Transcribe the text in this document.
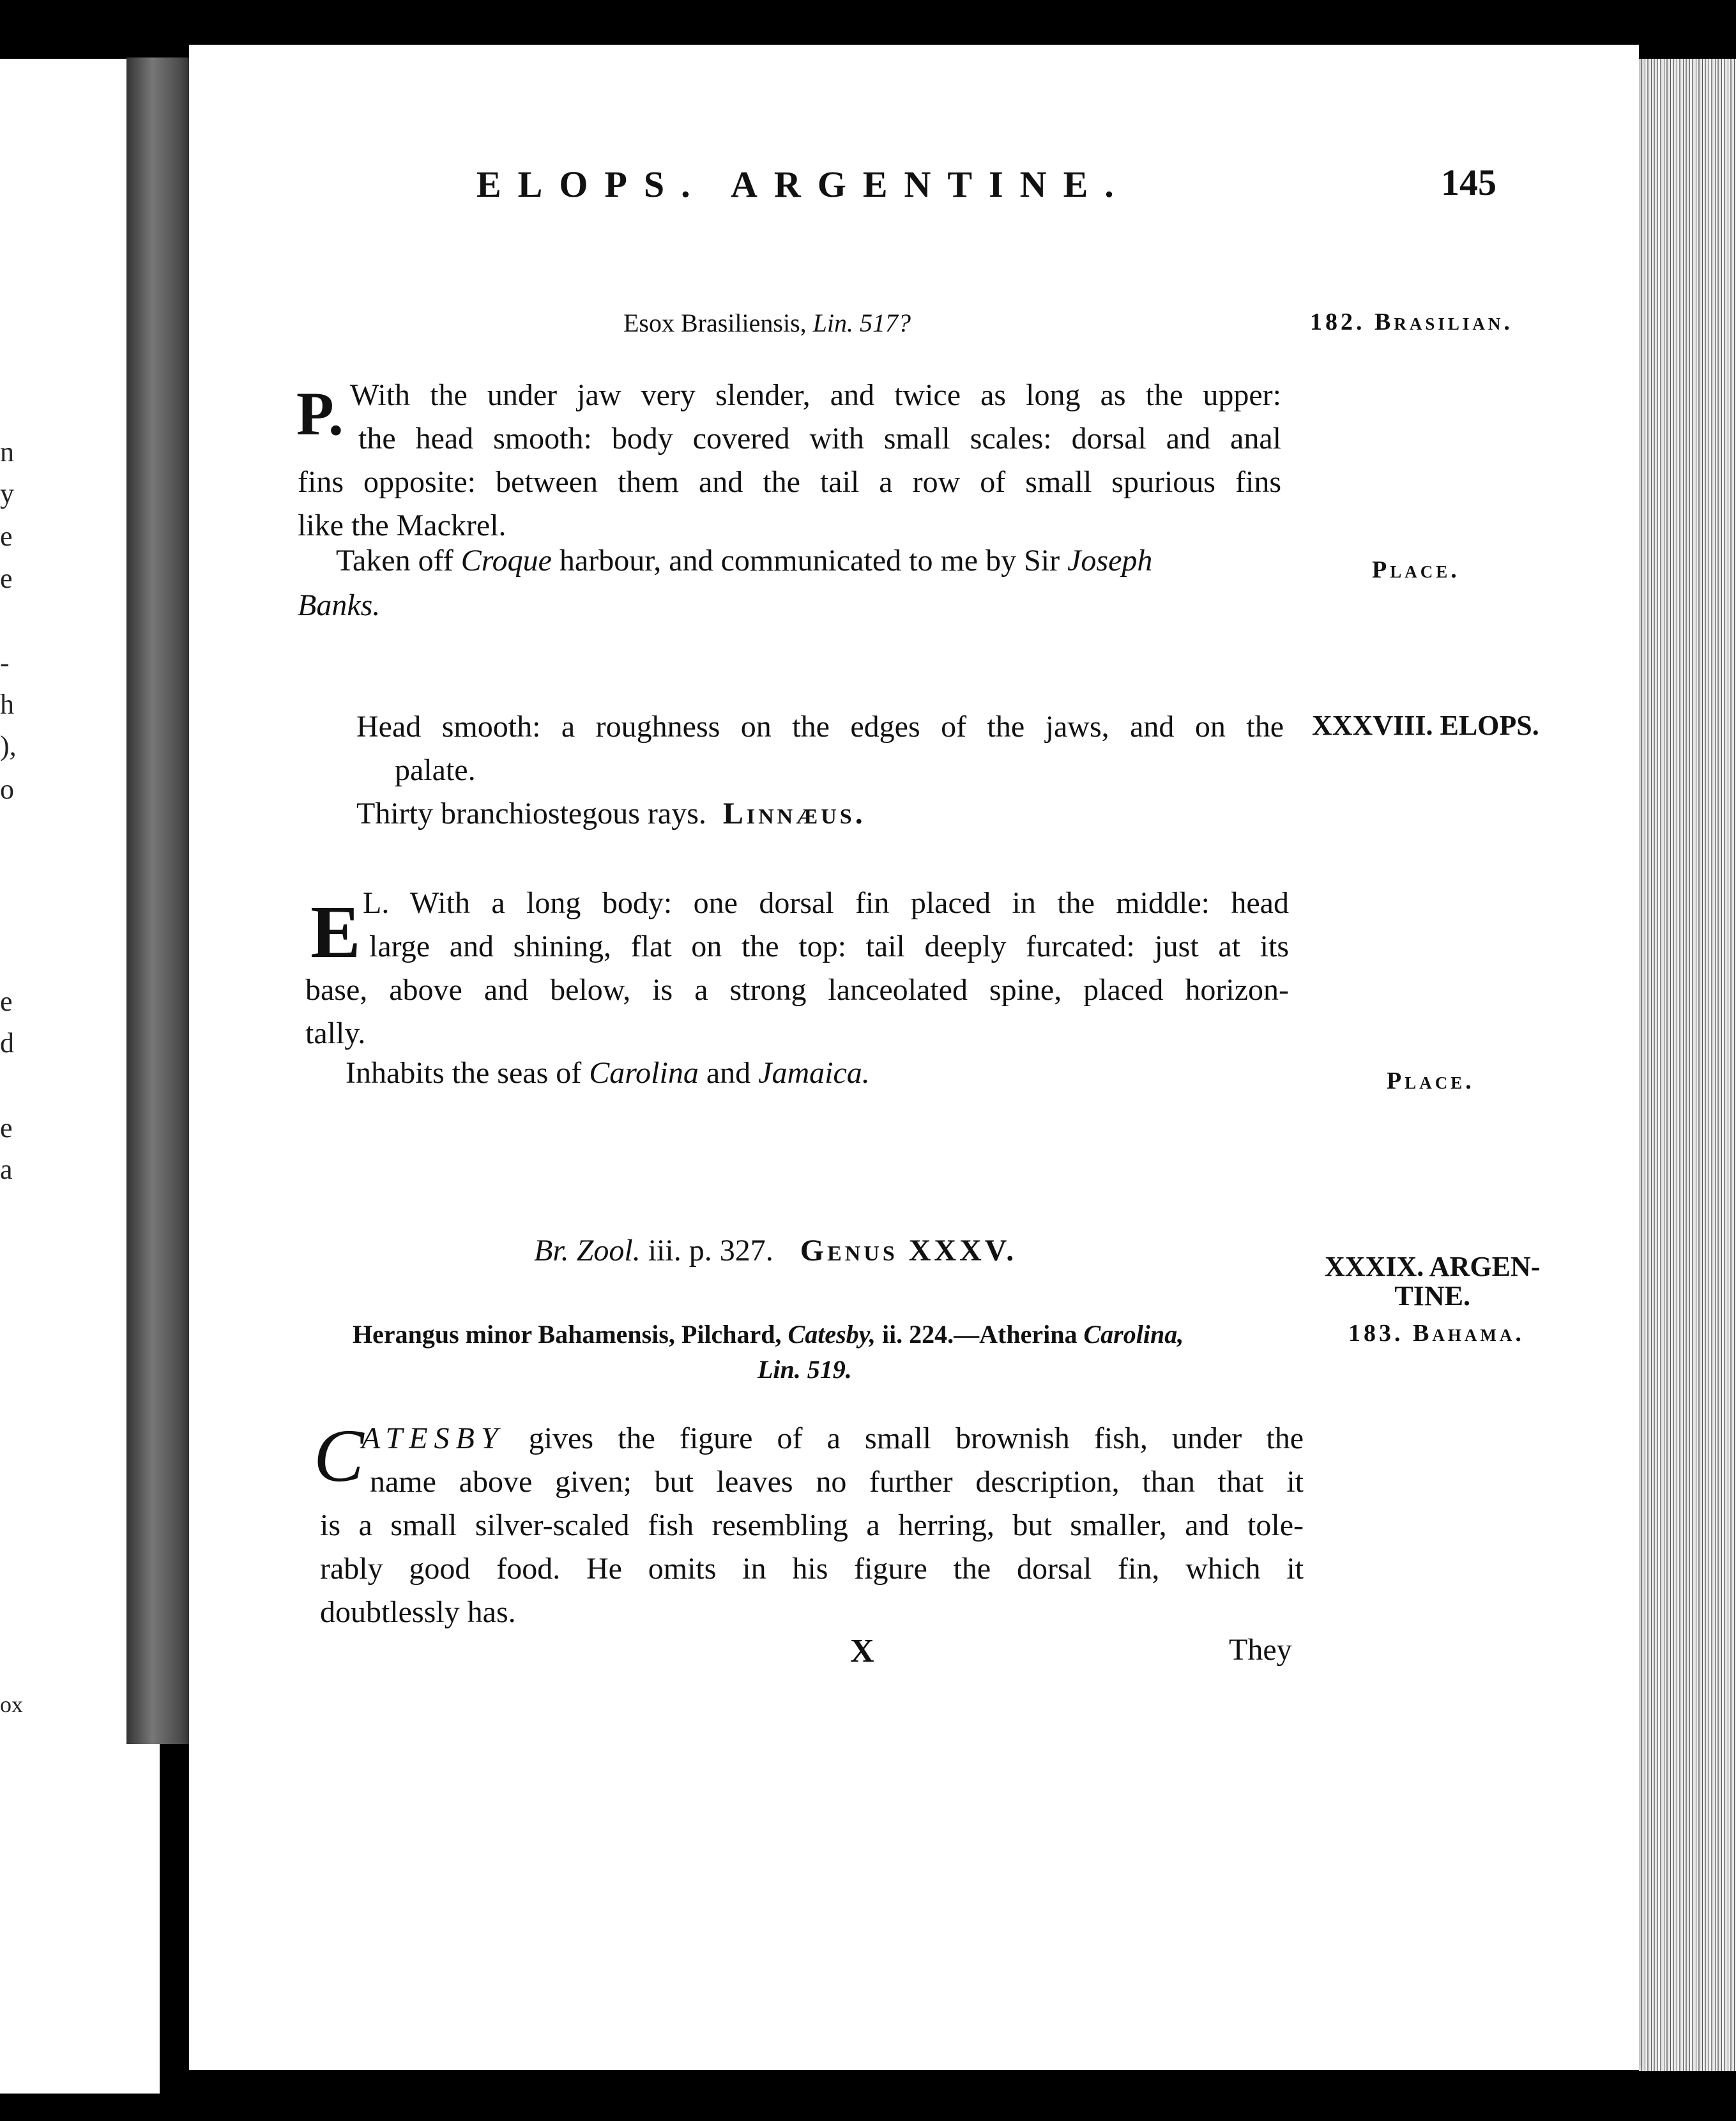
n
y
e
e
-
h
),
o
e
d
e
a
ox
ELOPS. ARGENTINE.	145
Esox Brasiliensis, Lin. 517?	182. Brasilian.
P. With the under jaw very slender, and twice as long as the upper:

the head smooth: body covered with small scales: dorsal and anal

fins opposite: between them and the tail a row of small spurious fins

like the Mackrel.

Taken off Croque harbour, and communicated to me by Sir Joseph
Banks.
Place.
Head smooth: a roughness on the edges of the jaws, and on the
palate.
Thirty branchiostegous rays. Linnæus.
XXXVIII. ELOPS.
E L. With a long body: one dorsal fin placed in the middle: head

large and shining, flat on the top: tail deeply furcated: just at its

base, above and below, is a strong lanceolated spine, placed horizon-

tally.

Inhabits the seas of Carolina and Jamaica.	Place.
Br. Zool. iii. p. 327. Genus XXXV.	XXXIX. ARGEN-
TINE.
183. Bahama.
Herangus minor Bahamensis, Pilchard, Catesby, ii. 224.—Atherina Carolina,
Lin. 519.
C

ATESBY gives the figure of a small brownish fish, under the

name above given; but leaves no further description, than that it

is a small silver-scaled fish resembling a herring, but smaller, and tole-

rably good food. He omits in his figure the dorsal fin, which it

doubtlessly has.

X	They
